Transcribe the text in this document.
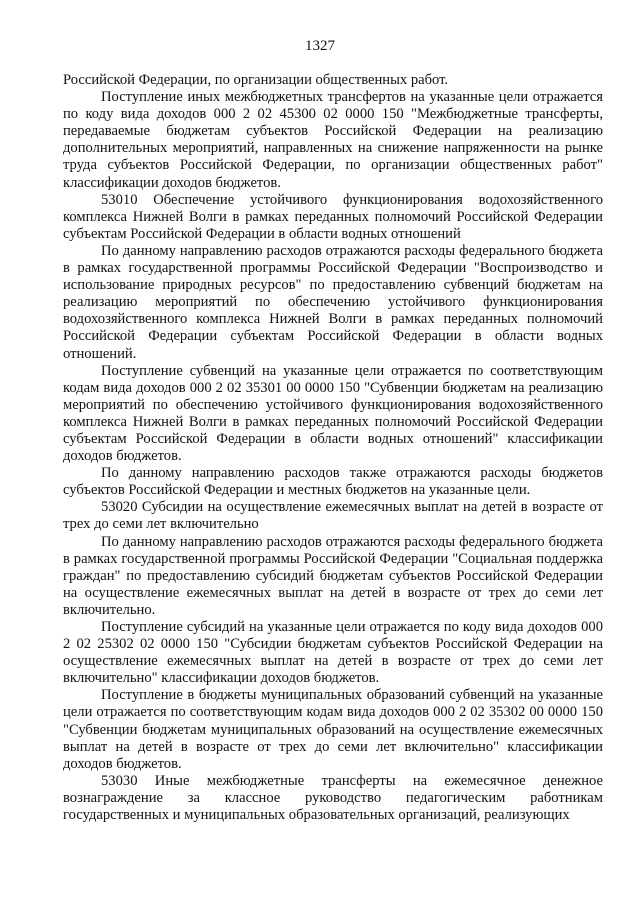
1327

Российской Федерации, по организации общественных работ.

Поступление иных межбюджетных трансфертов на указанные цели отражается по коду вида доходов 000 2 02 45300 02 0000 150 "Межбюджетные трансферты, передаваемые бюджетам субъектов Российской Федерации на реализацию дополнительных мероприятий, направленных на снижение напряженности на рынке труда субъектов Российской Федерации, по организации общественных работ" классификации доходов бюджетов.

53010 Обеспечение устойчивого функционирования водохозяйственного комплекса Нижней Волги в рамках переданных полномочий Российской Федерации субъектам Российской Федерации в области водных отношений

По данному направлению расходов отражаются расходы федерального бюджета в рамках государственной программы Российской Федерации "Воспроизводство и использование природных ресурсов" по предоставлению субвенций бюджетам на реализацию мероприятий по обеспечению устойчивого функционирования водохозяйственного комплекса Нижней Волги в рамках переданных полномочий Российской Федерации субъектам Российской Федерации в области водных отношений.

Поступление субвенций на указанные цели отражается по соответствующим кодам вида доходов 000 2 02 35301 00 0000 150 "Субвенции бюджетам на реализацию мероприятий по обеспечению устойчивого функционирования водохозяйственного комплекса Нижней Волги в рамках переданных полномочий Российской Федерации субъектам Российской Федерации в области водных отношений" классификации доходов бюджетов.

По данному направлению расходов также отражаются расходы бюджетов субъектов Российской Федерации и местных бюджетов на указанные цели.

53020 Субсидии на осуществление ежемесячных выплат на детей в возрасте от трех до семи лет включительно

По данному направлению расходов отражаются расходы федерального бюджета в рамках государственной программы Российской Федерации "Социальная поддержка граждан" по предоставлению субсидий бюджетам субъектов Российской Федерации на осуществление ежемесячных выплат на детей в возрасте от трех до семи лет включительно.

Поступление субсидий на указанные цели отражается по коду вида доходов 000 2 02 25302 02 0000 150 "Субсидии бюджетам субъектов Российской Федерации на осуществление ежемесячных выплат на детей в возрасте от трех до семи лет включительно" классификации доходов бюджетов.

Поступление в бюджеты муниципальных образований субвенций на указанные цели отражается по соответствующим кодам вида доходов 000 2 02 35302 00 0000 150 "Субвенции бюджетам муниципальных образований на осуществление ежемесячных выплат на детей в возрасте от трех до семи лет включительно" классификации доходов бюджетов.

53030 Иные межбюджетные трансферты на ежемесячное денежное вознаграждение за классное руководство педагогическим работникам государственных и муниципальных образовательных организаций, реализующих
